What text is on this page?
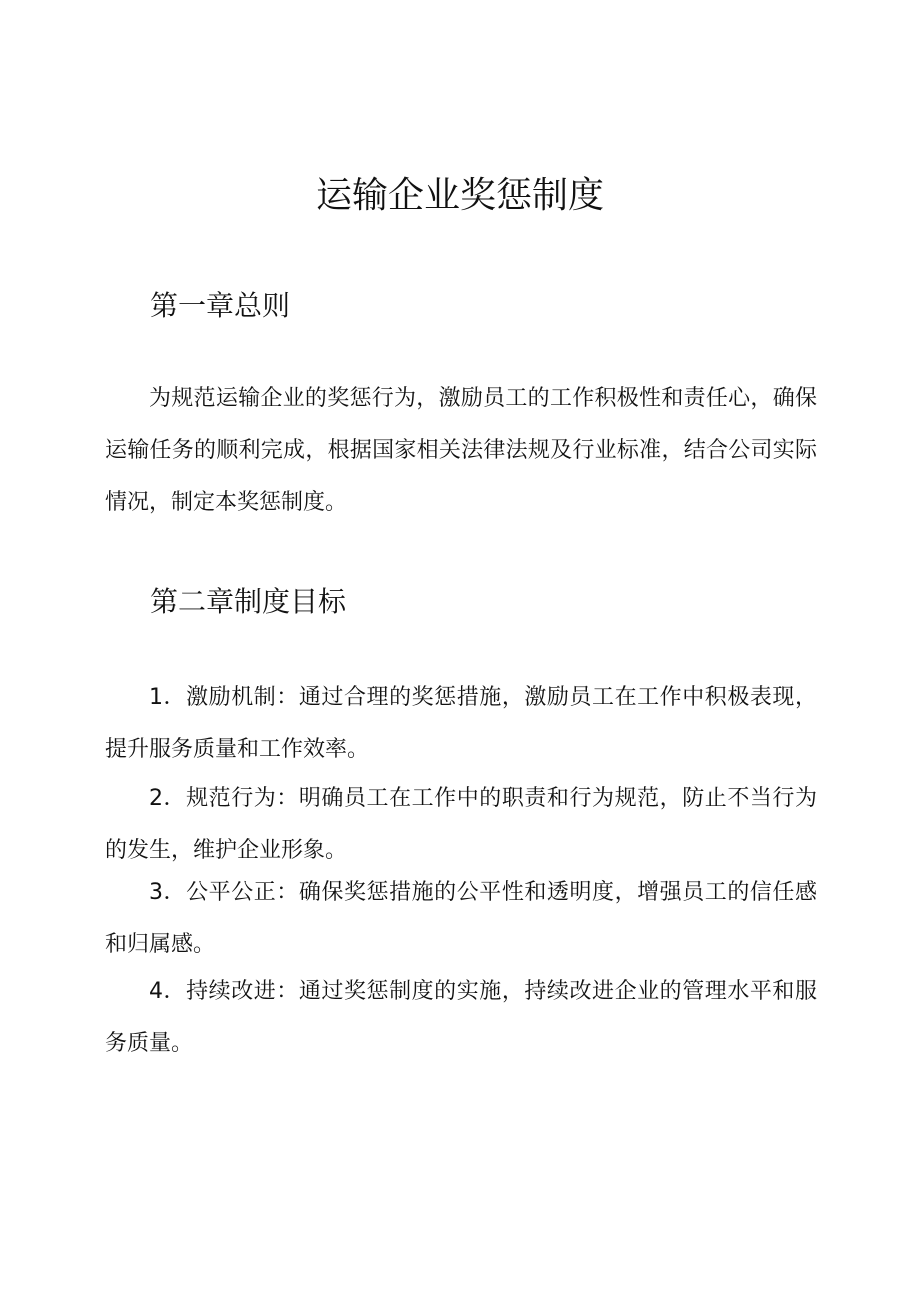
运输企业奖惩制度
第一章总则

为规范运输企业的奖惩行为，激励员工的工作积极性和责任心，确保运输任务的顺利完成，根据国家相关法律法规及行业标准，结合公司实际情况，制定本奖惩制度。

第二章制度目标

1．激励机制：通过合理的奖惩措施，激励员工在工作中积极表现，提升服务质量和工作效率。

2．规范行为：明确员工在工作中的职责和行为规范，防止不当行为的发生，维护企业形象。

3．公平公正：确保奖惩措施的公平性和透明度，增强员工的信任感和归属感。

4．持续改进：通过奖惩制度的实施，持续改进企业的管理水平和服务质量。
